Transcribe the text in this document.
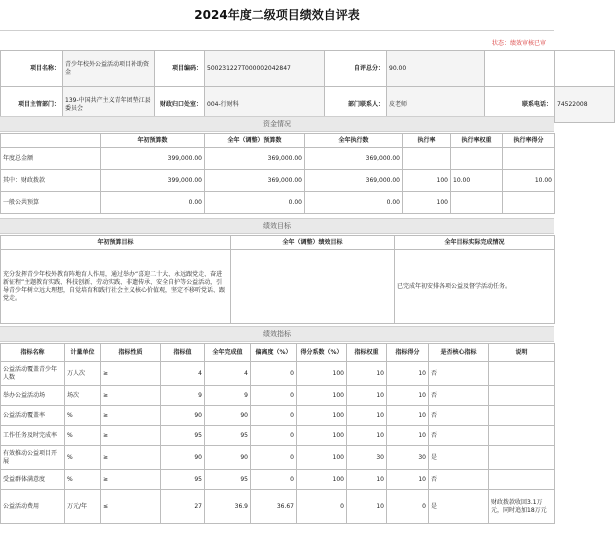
2024年度二级项目绩效自评表
状态：绩效审核已审
项目名称：	青少年校外公益活动项目补助资金	项目编码：	500231227T000002042847	自评总分：	90.00		
项目主管部门：	139-中国共产主义青年团垫江县委员会	财政归口处室：	004-行财科	部门联系人：	皮老师	联系电话：	74522008
资金情况
	年初预算数	全年（调整）预算数	全年执行数	执行率	执行率权重	执行率得分
年度总金额	399,000.00	369,000.00	369,000.00			
其中：财政拨款	399,000.00	369,000.00	369,000.00	100	10.00	10.00
一般公共预算	0.00	0.00	0.00	100		
绩效目标
年初预算目标	全年（调整）绩效目标	全年目标实际完成情况
充分发挥青少年校外教育阵地育人作用，通过举办“喜迎二十大、永远跟党走、奋进新征程”主题教育实践、科技创新、劳动实践、非遗传承、安全自护等公益活动，引导青少年树立远大理想，自觉培育和践行社会主义核心价值观，坚定不移听党话、跟党走。		已完成年初安排各项公益及督学活动任务。
绩效指标
指标名称	计量单位	指标性质	指标值	全年完成值	偏离度（%）	得分系数（%）	指标权重	指标得分	是否核心指标	说明
公益活动覆盖青少年人数	万人次	≥	4	4	0	100	10	10	否	
举办公益活动场	场次	≥	9	9	0	100	10	10	否	
公益活动覆盖率	%	≥	90	90	0	100	10	10	否	
工作任务及时完成率	%	≥	95	95	0	100	10	10	否	
有效推动公益项目开展	%	≥	90	90	0	100	30	30	是	
受益群体满意度	%	≥	95	95	0	100	10	10	否	
公益活动费用	万元/年	≤	27	36.9	36.67	0	10	0	是	财政拨款收回3.1万元，同时追加18万元
